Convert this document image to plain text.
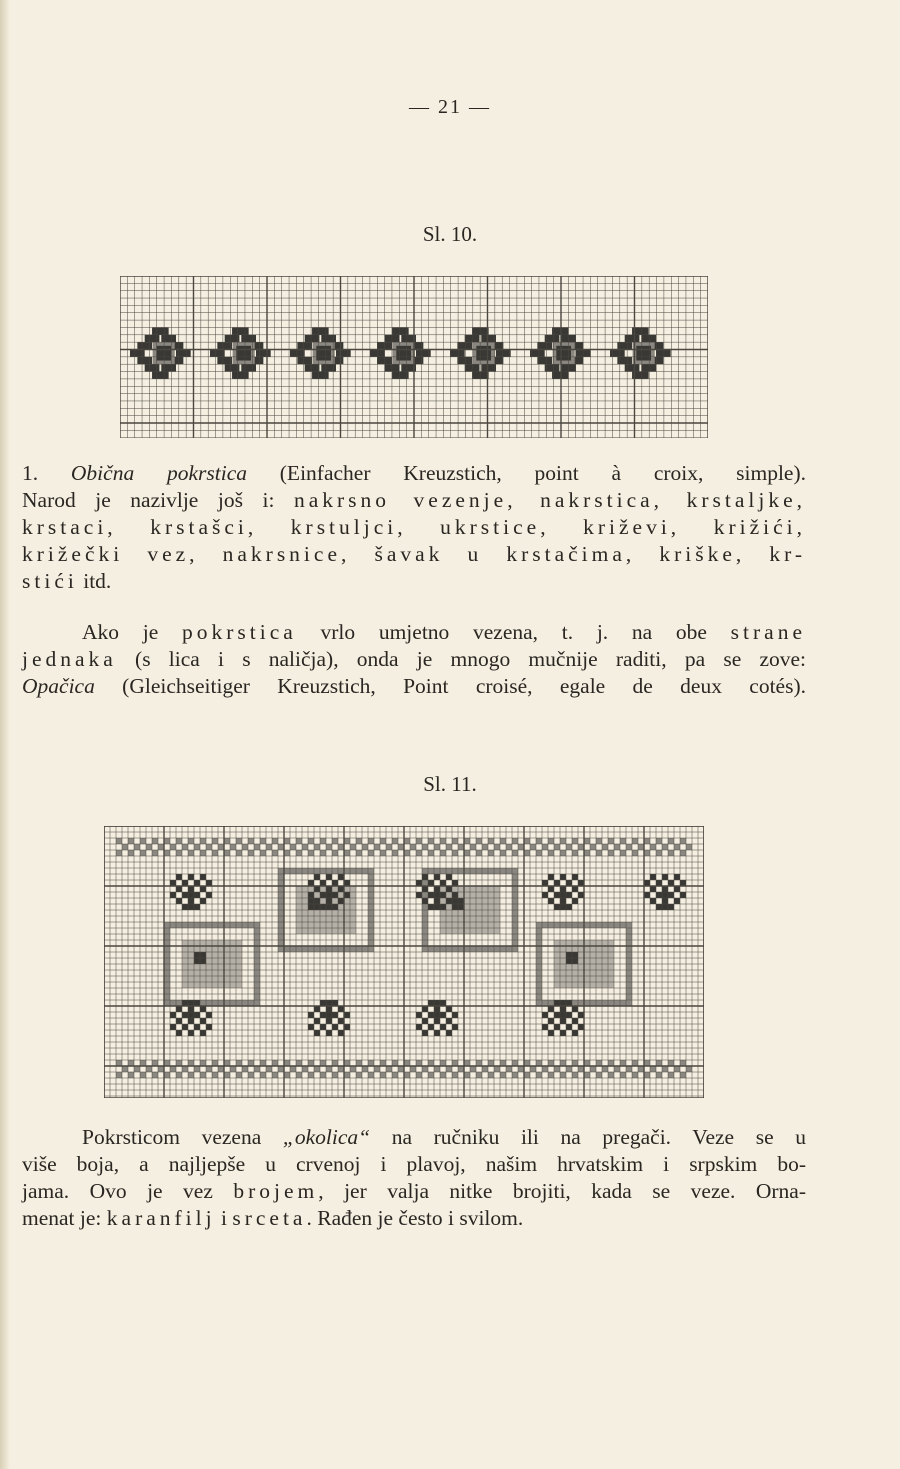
— 21 —
Sl. 10.

1. Obična pokrstica (Einfacher Kreuzstich, point à croix, simple).
Narod je nazivlje još i: nakrsno vezenje, nakrstica, krstaljke,
krstaci, krstašci, krstuljci, ukrstice, križevi, križići,
križečki vez, nakrsnice, šavak u krstačima, kriške, kr-
stići itd.

Ako je pokrstica vrlo umjetno vezena, t. j. na obe strane
jednaka (s lica i s naličja), onda je mnogo mučnije raditi, pa se zove:
Opačica (Gleichseitiger Kreuzstich, Point croisé, egale de deux cotés).

Sl. 11.

Pokrsticom vezena „okolica“ na ručniku ili na pregači. Veze se u
više boja, a najljepše u crvenoj i plavoj, našim hrvatskim i srpskim bo-
jama. Ovo je vez brojem, jer valja nitke brojiti, kada se veze. Orna-
menat je: karanfilj i srceta. Rađen je često i svilom.
